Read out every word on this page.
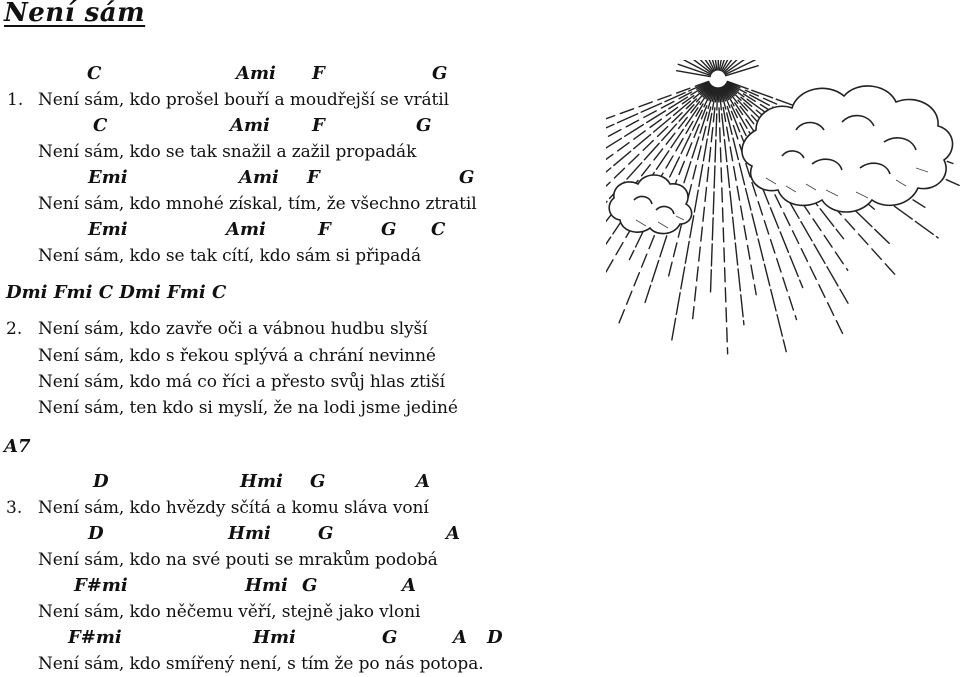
Není sám
C	Ami F	G
1. Není sám, kdo prošel bouří a moudřejší se vrátil
C	Ami F	G
Není sám, kdo se tak snažil a zažil propadák
Emi	Ami F	G
Není sám, kdo mnohé získal, tím, že všechno ztratil
Emi	Ami	F	G C
Není sám, kdo se tak cítí, kdo sám si připadá
Dmi Fmi C Dmi Fmi C
2. Není sám, kdo zavře oči a vábnou hudbu slyší
Není sám, kdo s řekou splývá a chrání nevinné
Není sám, kdo má co říci a přesto svůj hlas ztiší
Není sám, ten kdo si myslí, že na lodi jsme jediné
A7
D	Hmi G	A
3. Není sám, kdo hvězdy sčítá a komu sláva voní
D	Hmi	G	A
Není sám, kdo na své pouti se mrakům podobá
F#mi	Hmi G	A
Není sám, kdo něčemu věří, stejně jako vloni
F#mi	Hmi	G	A D
Není sám, kdo smířený není, s tím že po nás potopa.
